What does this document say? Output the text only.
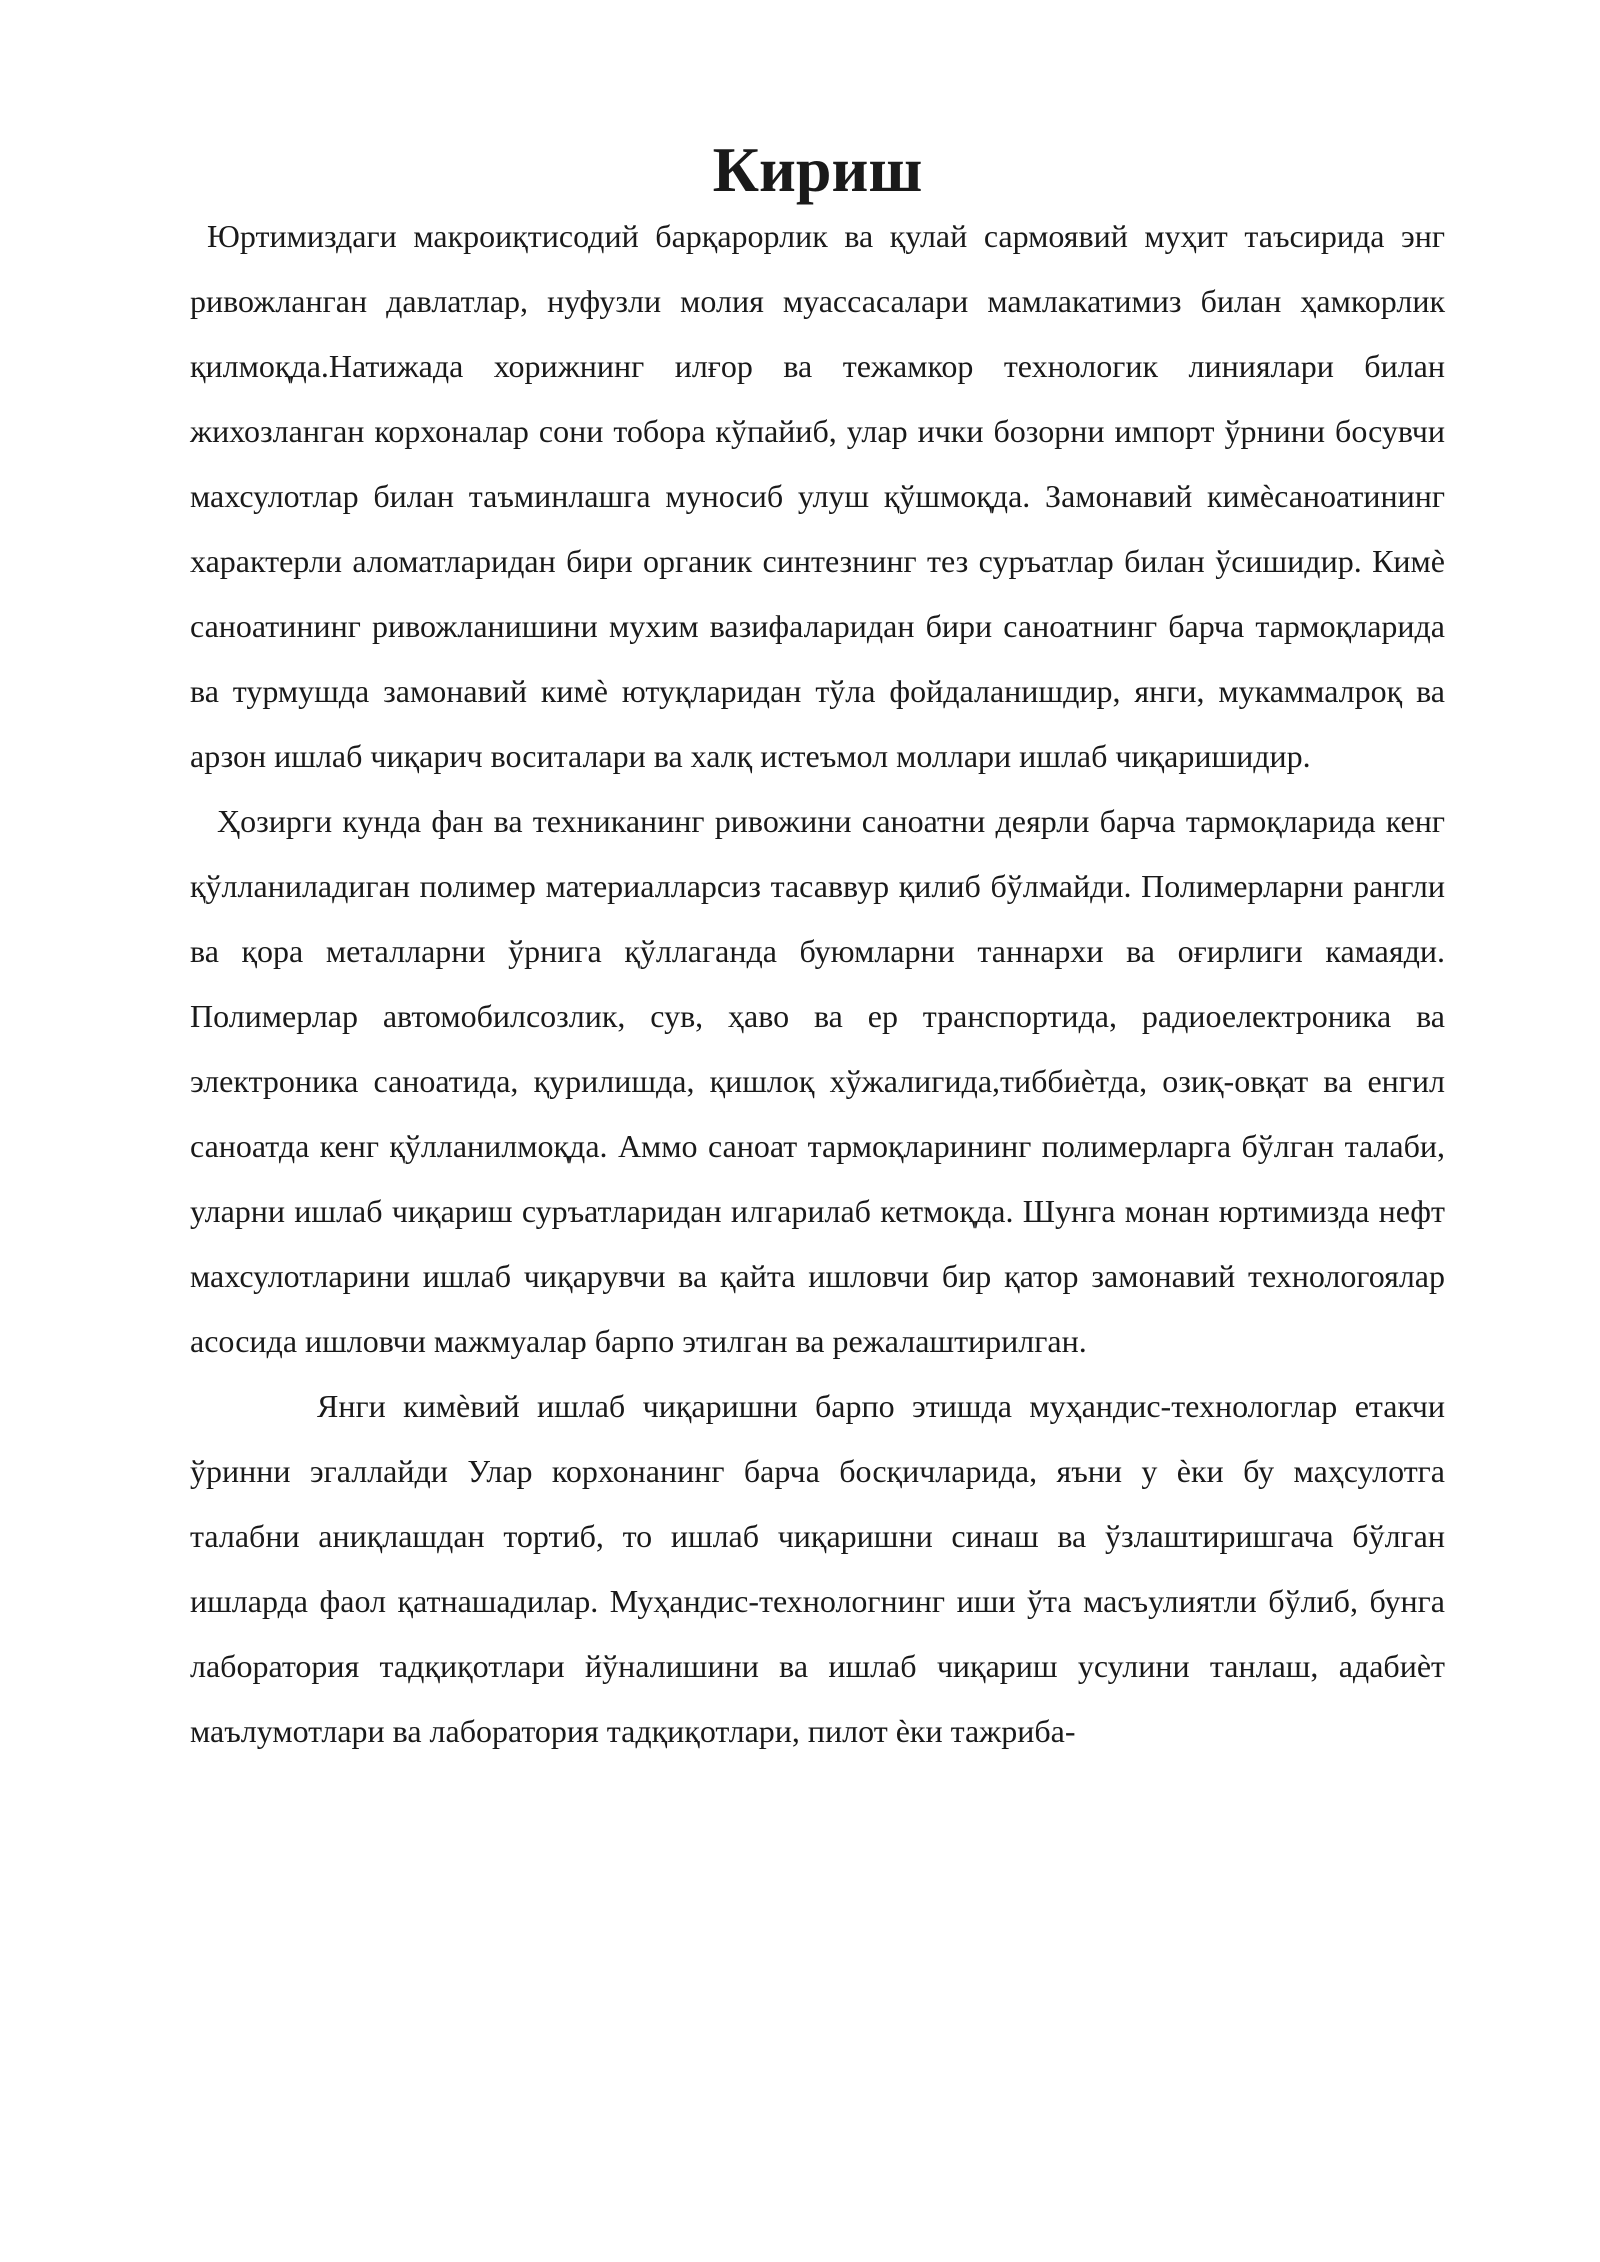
Кириш

Юртимиздаги макроиқтисодий барқарорлик ва қулай сармоявий муҳит таъсирида энг ривожланган давлатлар, нуфузли молия муассасалари мамлакатимиз билан ҳамкорлик қилмоқда.Натижада хорижнинг илғор ва тежамкор технологик линиялари билан жихозланган корхоналар сони тобора кўпайиб, улар ички бозорни импорт ўрнини босувчи махсулотлар билан таъминлашга муносиб улуш қўшмоқда. Замонавий кимѐсаноатининг характерли аломатларидан бири органик синтезнинг тез суръатлар билан ўсишидир. Кимѐ саноатининг ривожланишини мухим вазифаларидан бири саноатнинг барча тармоқларида ва турмушда замонавий кимѐ ютуқларидан тўла фойдаланишдир, янги, мукаммалроқ ва арзон ишлаб чиқарич воситалари ва халқ истеъмол моллари ишлаб чиқаришидир.

Ҳозирги кунда фан ва техниканинг ривожини саноатни деярли барча тармоқларида кенг қўлланиладиган полимер материалларсиз тасаввур қилиб бўлмайди. Полимерларни рангли ва қора металларни ўрнига қўллаганда буюмларни таннархи ва оғирлиги камаяди. Полимерлар автомобилсозлик, сув, ҳаво ва ер транспортида, радиоелектроника ва электроника саноатида, қурилишда, қишлоқ хўжалигида,тиббиѐтда, озиқ-овқат ва енгил саноатда кенг қўлланилмоқда. Аммо саноат тармоқларининг полимерларга бўлган талаби, уларни ишлаб чиқариш суръатларидан илгарилаб кетмоқда. Шунга монан юртимизда нефт махсулотларини ишлаб чиқарувчи ва қайта ишловчи бир қатор замонавий технологоялар асосида ишловчи мажмуалар барпо этилган ва режалаштирилган.

Янги кимѐвий ишлаб чиқаришни барпо этишда муҳандис-технологлар етакчи ўринни эгаллайди Улар корхонанинг барча босқичларида, яъни у ѐки бу маҳсулотга талабни аниқлашдан тортиб, то ишлаб чиқаришни синаш ва ўзлаштиришгача бўлган ишларда фаол қатнашадилар. Муҳандис-технологнинг иши ўта масъулиятли бўлиб, бунга лаборатория тадқиқотлари йўналишини ва ишлаб чиқариш усулини танлаш, адабиѐт маълумотлари ва лаборатория тадқиқотлари, пилот ѐки тажриба-
